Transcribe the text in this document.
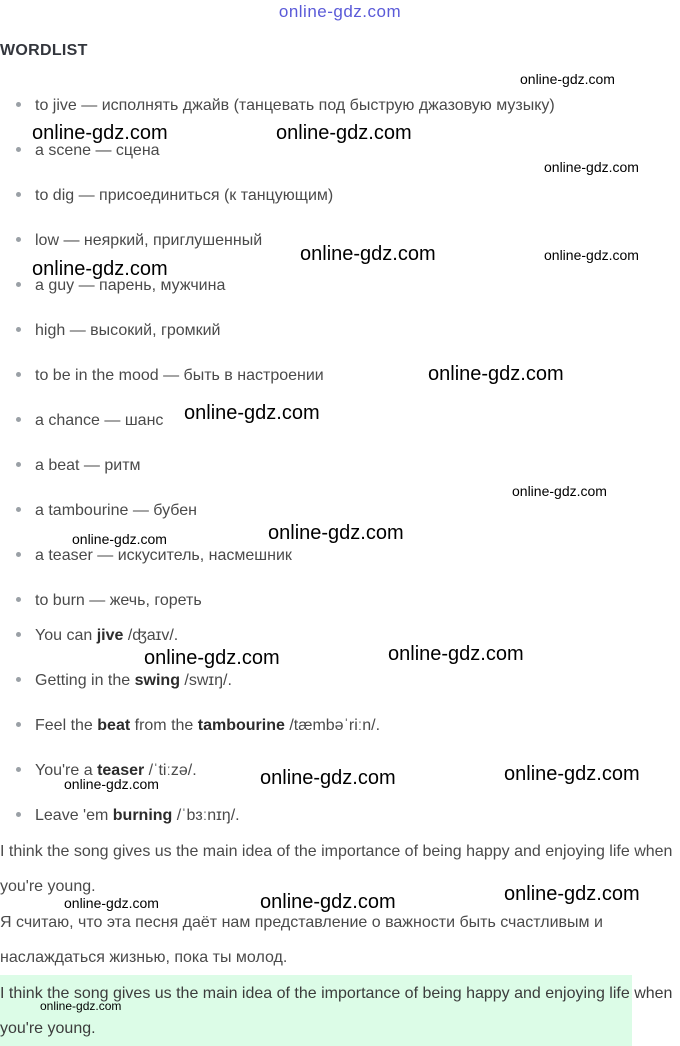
online-gdz.com
WORDLIST
to jive — исполнять джайв (танцевать под быструю джазовую музыку)
a scene — сцена
to dig — присоединиться (к танцующим)
low — неяркий, приглушенный
a guy — парень, мужчина
high — высокий, громкий
to be in the mood — быть в настроении
a chance — шанс
a beat — ритм
a tambourine — бубен
a teaser — искуситель, насмешник
to burn — жечь, гореть
You can jive /ʤaɪv/.
Getting in the swing /swɪŋ/.
Feel the beat from the tambourine /tæmbəˈriːn/.
You're a teaser /ˈtiːzə/.
Leave 'em burning /ˈbɜːnɪŋ/.
I think the song gives us the main idea of the importance of being happy and enjoying life when you're young.
Я считаю, что эта песня даёт нам представление о важности быть счастливым и наслаждаться жизнью, пока ты молод.
I think the song gives us the main idea of the importance of being happy and enjoying life when you're young.
online-gdz.com
online-gdz.com	online-gdz.com
online-gdz.com
online-gdz.com	online-gdz.com
online-gdz.com
online-gdz.com
online-gdz.com
online-gdz.com
online-gdz.com
online-gdz.com
online-gdz.com
online-gdz.com
online-gdz.com	online-gdz.com
online-gdz.com
online-gdz.com	online-gdz.com
online-gdz.com
online-gdz.com
